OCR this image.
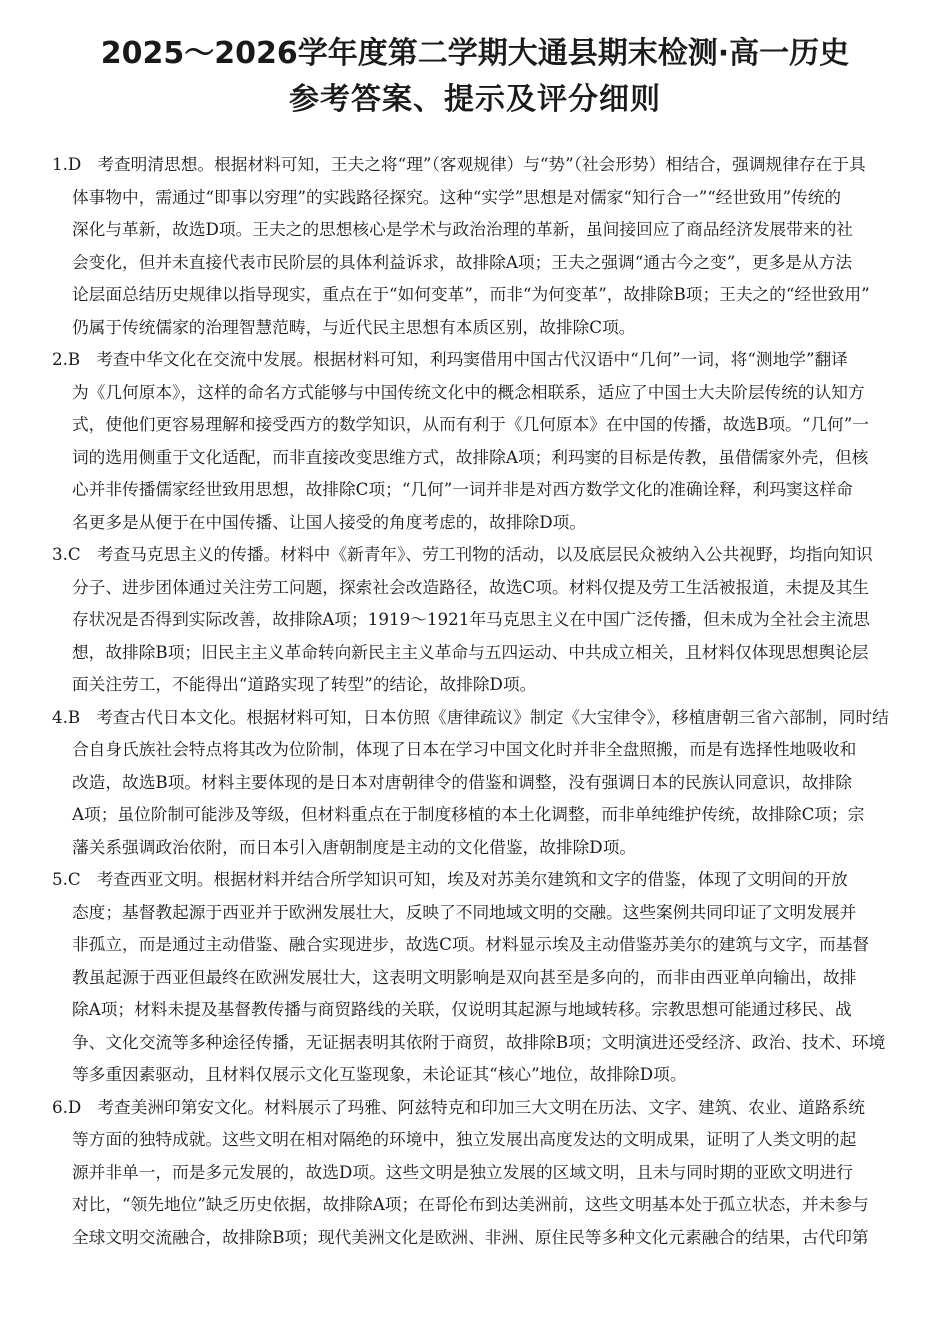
2025～2026学年度第二学期大通县期末检测·高一历史
参考答案、提示及评分细则
1.D 考查明清思想。根据材料可知，王夫之将“理”（客观规律）与“势”（社会形势）相结合，强调规律存在于具
体事物中，需通过“即事以穷理”的实践路径探究。这种“实学”思想是对儒家“知行合一”“经世致用”传统的
深化与革新，故选D项。王夫之的思想核心是学术与政治治理的革新，虽间接回应了商品经济发展带来的社
会变化，但并未直接代表市民阶层的具体利益诉求，故排除A项；王夫之强调“通古今之变”，更多是从方法
论层面总结历史规律以指导现实，重点在于“如何变革”，而非“为何变革”，故排除B项；王夫之的“经世致用”
仍属于传统儒家的治理智慧范畴，与近代民主思想有本质区别，故排除C项。
2.B 考查中华文化在交流中发展。根据材料可知，利玛窦借用中国古代汉语中“几何”一词，将“测地学”翻译
为《几何原本》，这样的命名方式能够与中国传统文化中的概念相联系，适应了中国士大夫阶层传统的认知方
式，使他们更容易理解和接受西方的数学知识，从而有利于《几何原本》在中国的传播，故选B项。“几何”一
词的选用侧重于文化适配，而非直接改变思维方式，故排除A项；利玛窦的目标是传教，虽借儒家外壳，但核
心并非传播儒家经世致用思想，故排除C项；“几何”一词并非是对西方数学文化的准确诠释，利玛窦这样命
名更多是从便于在中国传播、让国人接受的角度考虑的，故排除D项。
3.C 考查马克思主义的传播。材料中《新青年》、劳工刊物的活动，以及底层民众被纳入公共视野，均指向知识
分子、进步团体通过关注劳工问题，探索社会改造路径，故选C项。材料仅提及劳工生活被报道，未提及其生
存状况是否得到实际改善，故排除A项；1919～1921年马克思主义在中国广泛传播，但未成为全社会主流思
想，故排除B项；旧民主主义革命转向新民主主义革命与五四运动、中共成立相关，且材料仅体现思想舆论层
面关注劳工，不能得出“道路实现了转型”的结论，故排除D项。
4.B 考查古代日本文化。根据材料可知，日本仿照《唐律疏议》制定《大宝律令》，移植唐朝三省六部制，同时结
合自身氏族社会特点将其改为位阶制，体现了日本在学习中国文化时并非全盘照搬，而是有选择性地吸收和
改造，故选B项。材料主要体现的是日本对唐朝律令的借鉴和调整，没有强调日本的民族认同意识，故排除
A项；虽位阶制可能涉及等级，但材料重点在于制度移植的本土化调整，而非单纯维护传统，故排除C项；宗
藩关系强调政治依附，而日本引入唐朝制度是主动的文化借鉴，故排除D项。
5.C 考查西亚文明。根据材料并结合所学知识可知，埃及对苏美尔建筑和文字的借鉴，体现了文明间的开放
态度；基督教起源于西亚并于欧洲发展壮大，反映了不同地域文明的交融。这些案例共同印证了文明发展并
非孤立，而是通过主动借鉴、融合实现进步，故选C项。材料显示埃及主动借鉴苏美尔的建筑与文字，而基督
教虽起源于西亚但最终在欧洲发展壮大，这表明文明影响是双向甚至是多向的，而非由西亚单向输出，故排
除A项；材料未提及基督教传播与商贸路线的关联，仅说明其起源与地域转移。宗教思想可能通过移民、战
争、文化交流等多种途径传播，无证据表明其依附于商贸，故排除B项；文明演进还受经济、政治、技术、环境
等多重因素驱动，且材料仅展示文化互鉴现象，未论证其“核心”地位，故排除D项。
6.D 考查美洲印第安文化。材料展示了玛雅、阿兹特克和印加三大文明在历法、文字、建筑、农业、道路系统
等方面的独特成就。这些文明在相对隔绝的环境中，独立发展出高度发达的文明成果，证明了人类文明的起
源并非单一，而是多元发展的，故选D项。这些文明是独立发展的区域文明，且未与同时期的亚欧文明进行
对比，“领先地位”缺乏历史依据，故排除A项；在哥伦布到达美洲前，这些文明基本处于孤立状态，并未参与
全球文明交流融合，故排除B项；现代美洲文化是欧洲、非洲、原住民等多种文化元素融合的结果，古代印第
